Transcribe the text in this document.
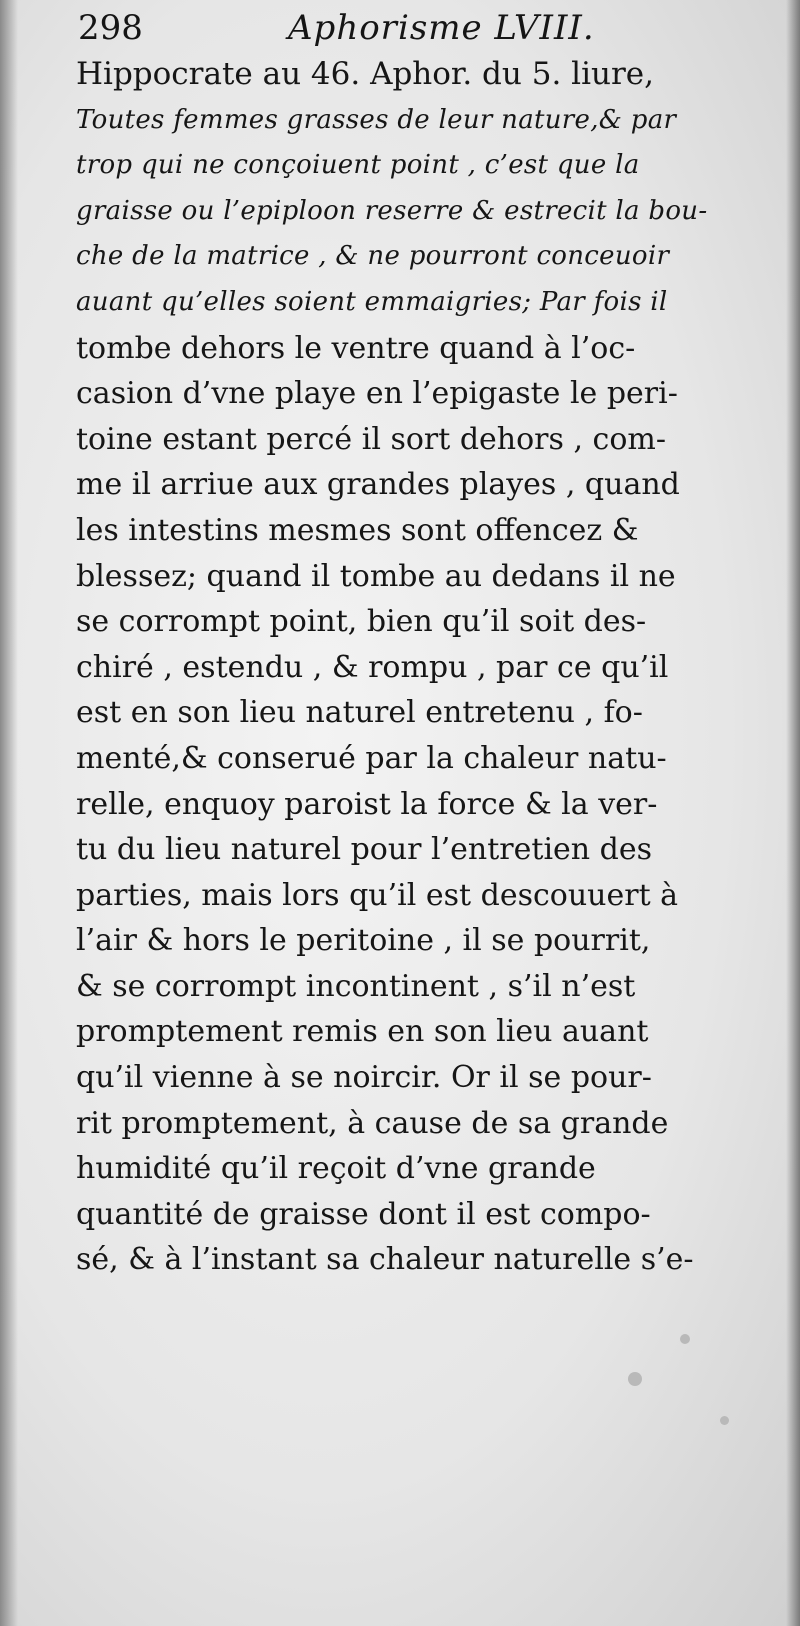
298	Aphorisme LVIII.
Hippocrate au 46. Aphor. du 5. liure,
Toutes femmes grasses de leur nature,& par
trop qui ne conçoiuent point , c’est que la
graisse ou l’epiploon reserre & estrecit la bou-
che de la matrice , & ne pourront conceuoir
auant qu’elles soient emmaigries; Par fois il
tombe dehors le ventre quand à l’oc-
casion d’vne playe en l’epigaste le peri-
toine estant percé il sort dehors , com-
me il arriue aux grandes playes , quand
les intestins mesmes sont offencez &
blessez; quand il tombe au dedans il ne
se corrompt point, bien qu’il soit des-
chiré , estendu , & rompu , par ce qu’il
est en son lieu naturel entretenu , fo-
menté,& conserué par la chaleur natu-
relle, enquoy paroist la force & la ver-
tu du lieu naturel pour l’entretien des
parties, mais lors qu’il est descouuert à
l’air & hors le peritoine , il se pourrit,
& se corrompt incontinent , s’il n’est
promptement remis en son lieu auant
qu’il vienne à se noircir. Or il se pour-
rit promptement, à cause de sa grande
humidité qu’il reçoit d’vne grande
quantité de graisse dont il est compo-
sé, & à l’instant sa chaleur naturelle s’e-
